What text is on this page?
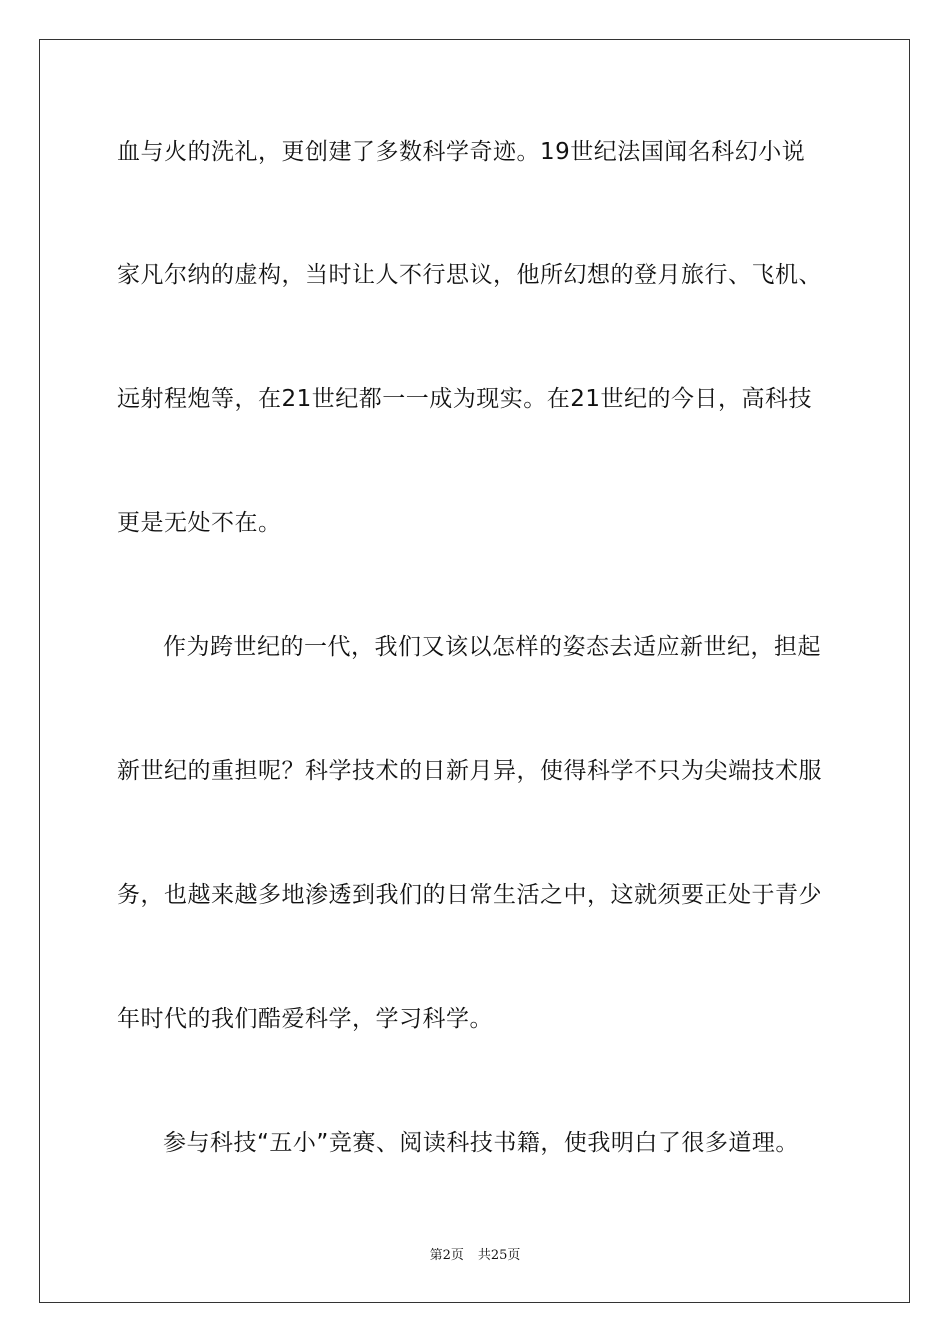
血与火的洗礼，更创建了多数科学奇迹。19世纪法国闻名科幻小说
家凡尔纳的虚构，当时让人不行思议，他所幻想的登月旅行、飞机、
远射程炮等，在21世纪都一一成为现实。在21世纪的今日，高科技
更是无处不在。
作为跨世纪的一代，我们又该以怎样的姿态去适应新世纪，担起
新世纪的重担呢？科学技术的日新月异，使得科学不只为尖端技术服
务，也越来越多地渗透到我们的日常生活之中，这就须要正处于青少
年时代的我们酷爱科学，学习科学。
参与科技“五小”竞赛、阅读科技书籍，使我明白了很多道理。
第2页 共25页
